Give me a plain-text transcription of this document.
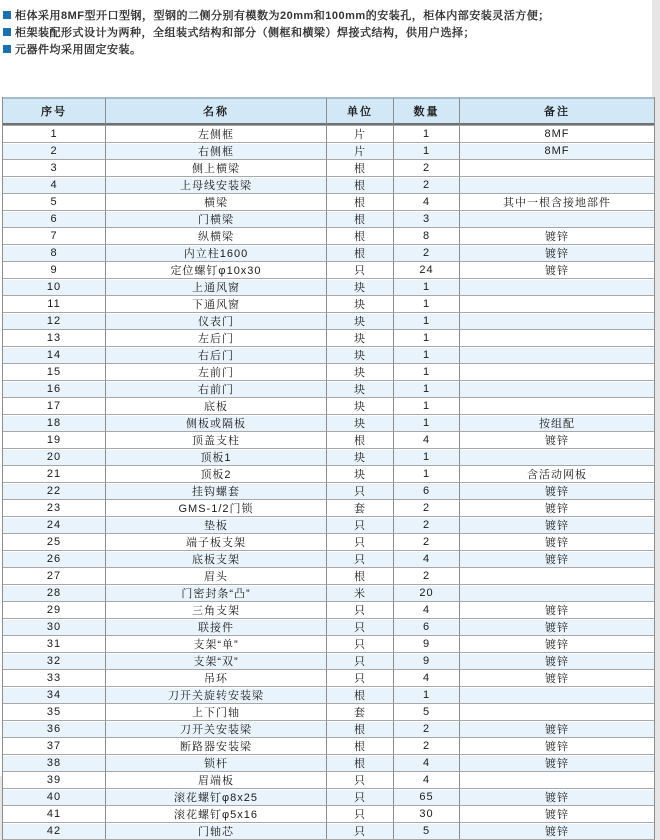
柜体采用8MF型开口型钢，型钢的二侧分别有模数为20mm和100mm的安装孔，柜体内部安装灵活方便；
柜架装配形式设计为两种，全组装式结构和部分（侧框和横梁）焊接式结构，供用户选择；
元器件均采用固定安装。
序号	名称	单位	数量	备注
1	左侧框	片	1	8MF
2	右侧框	片	1	8MF
3	侧上横梁	根	2	
4	上母线安装梁	根	2	
5	横梁	根	4	其中一根含接地部件
6	门横梁	根	3	
7	纵横梁	根	8	镀锌
8	内立柱1600	根	2	镀锌
9	定位螺钉φ10x30	只	24	镀锌
10	上通风窗	块	1	
11	下通风窗	块	1	
12	仪表门	块	1	
13	左后门	块	1	
14	右后门	块	1	
15	左前门	块	1	
16	右前门	块	1	
17	底板	块	1	
18	侧板或隔板	块	1	按组配
19	顶盖支柱	根	4	镀锌
20	顶板1	块	1	
21	顶板2	块	1	含活动网板
22	挂钩螺套	只	6	镀锌
23	GMS-1/2门锁	套	2	镀锌
24	垫板	只	2	镀锌
25	端子板支架	只	2	镀锌
26	底板支架	只	4	镀锌
27	眉头	根	2	
28	门密封条“凸”	米	20	
29	三角支架	只	4	镀锌
30	联接件	只	6	镀锌
31	支架“单”	只	9	镀锌
32	支架“双”	只	9	镀锌
33	吊环	只	4	镀锌
34	刀开关旋转安装梁	根	1	
35	上下门轴	套	5	
36	刀开关安装梁	根	2	镀锌
37	断路器安装梁	根	2	镀锌
38	锁杆	根	4	镀锌
39	眉端板	只	4	
40	滚花螺钉φ8x25	只	65	镀锌
41	滚花螺钉φ5x16	只	30	镀锌
42	门轴芯	只	5	镀锌
